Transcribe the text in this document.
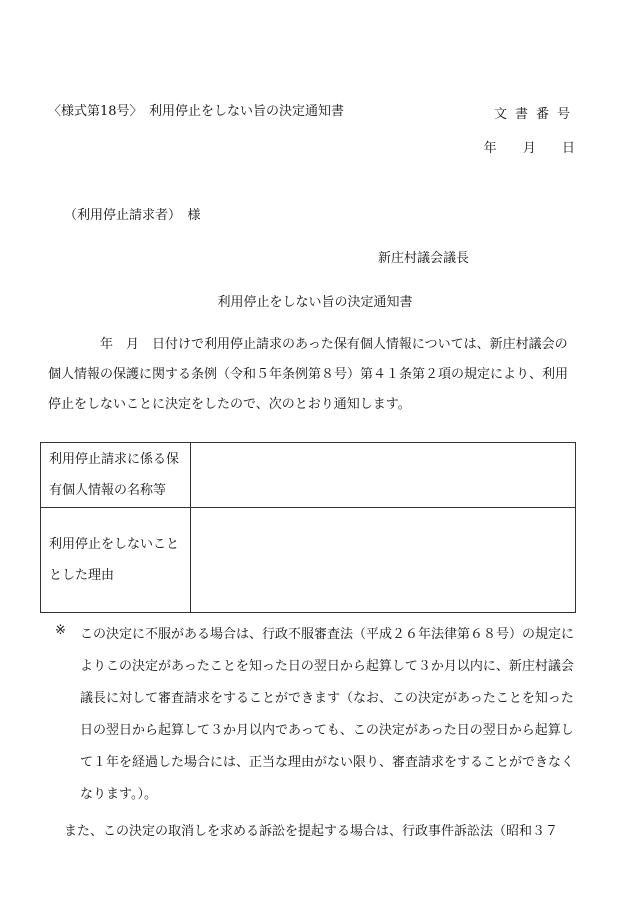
〈様式第18号〉　利用停止をしない旨の決定通知書	文書番号
年 月 日
（利用停止請求者）　様
新庄村議会議長
利用停止をしない旨の決定通知書
年　月　日付けで利用停止請求のあった保有個人情報については、新庄村議会の個人情報の保護に関する条例（令和５年条例第８号）第４１条第２項の規定により、利用停止をしないことに決定をしたので、次のとおり通知します。
利用停止請求に係る保
有個人情報の名称等	

利用停止をしないこと
とした理由	

※ この決定に不服がある場合は、行政不服審査法（平成２６年法律第６８号）の規定によりこの決定があったことを知った日の翌日から起算して３か月以内に、新庄村議会議長に対して審査請求をすることができます（なお、この決定があったことを知った日の翌日から起算して３か月以内であっても、この決定があった日の翌日から起算して１年を経過した場合には、正当な理由がない限り、審査請求をすることができなくなります。）。
また、この決定の取消しを求める訴訟を提起する場合は、行政事件訴訟法（昭和３７
